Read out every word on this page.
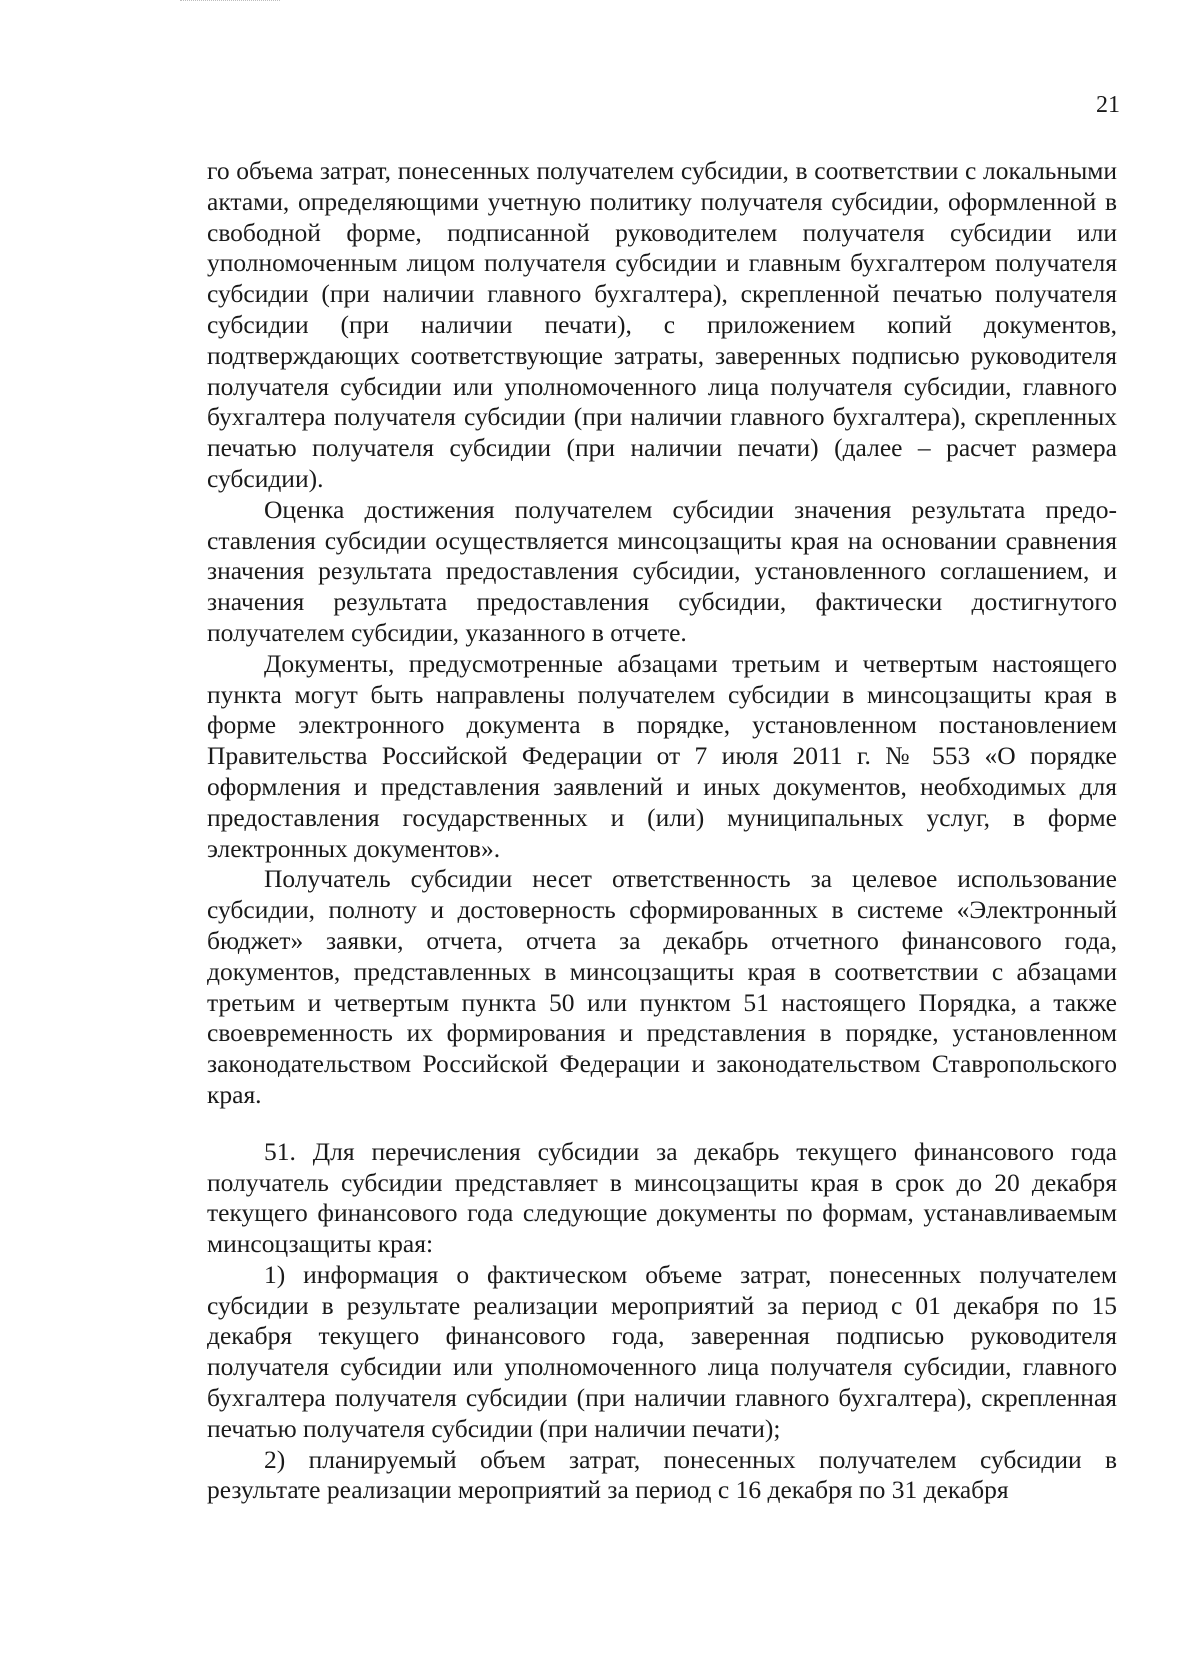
21

го объема затрат, понесенных получателем субсидии, в соответствии с локальными актами, определяющими учетную политику получателя субсидии, оформленной в свободной форме, подписанной руководителем получателя субсидии или уполномоченным лицом получателя субсидии и главным бухгалтером получателя субсидии (при наличии главного бухгалтера), скрепленной печатью получателя субсидии (при наличии печати), с приложением копий документов, подтверждающих соответствующие затраты, заверенных подписью руководителя получателя субсидии или уполномоченного лица получателя субсидии, главного бухгалтера получателя субсидии (при наличии главного бухгалтера), скрепленных печатью получателя субсидии (при наличии печати) (далее – расчет размера субсидии).

Оценка достижения получателем субсидии значения результата предоставления субсидии осуществляется минсоцзащиты края на основании сравнения значения результата предоставления субсидии, установленного соглашением, и значения результата предоставления субсидии, фактически достигнутого получателем субсидии, указанного в отчете.

Документы, предусмотренные абзацами третьим и четвертым настоящего пункта могут быть направлены получателем субсидии в минсоцзащиты края в форме электронного документа в порядке, установленном постановлением Правительства Российской Федерации от 7 июля 2011 г. № 553 «О порядке оформления и представления заявлений и иных документов, необходимых для предоставления государственных и (или) муниципальных услуг, в форме электронных документов».

Получатель субсидии несет ответственность за целевое использование субсидии, полноту и достоверность сформированных в системе «Электронный бюджет» заявки, отчета, отчета за декабрь отчетного финансового года, документов, представленных в минсоцзащиты края в соответствии с абзацами третьим и четвертым пункта 50 или пунктом 51 настоящего Порядка, а также своевременность их формирования и представления в порядке, установленном законодательством Российской Федерации и законодательством Ставропольского края.

51. Для перечисления субсидии за декабрь текущего финансового года получатель субсидии представляет в минсоцзащиты края в срок до 20 декабря текущего финансового года следующие документы по формам, устанавливаемым минсоцзащиты края:

1) информация о фактическом объеме затрат, понесенных получателем субсидии в результате реализации мероприятий за период с 01 декабря по 15 декабря текущего финансового года, заверенная подписью руководителя получателя субсидии или уполномоченного лица получателя субсидии, главного бухгалтера получателя субсидии (при наличии главного бухгалтера), скрепленная печатью получателя субсидии (при наличии печати);

2) планируемый объем затрат, понесенных получателем субсидии в результате реализации мероприятий за период с 16 декабря по 31 декабря
